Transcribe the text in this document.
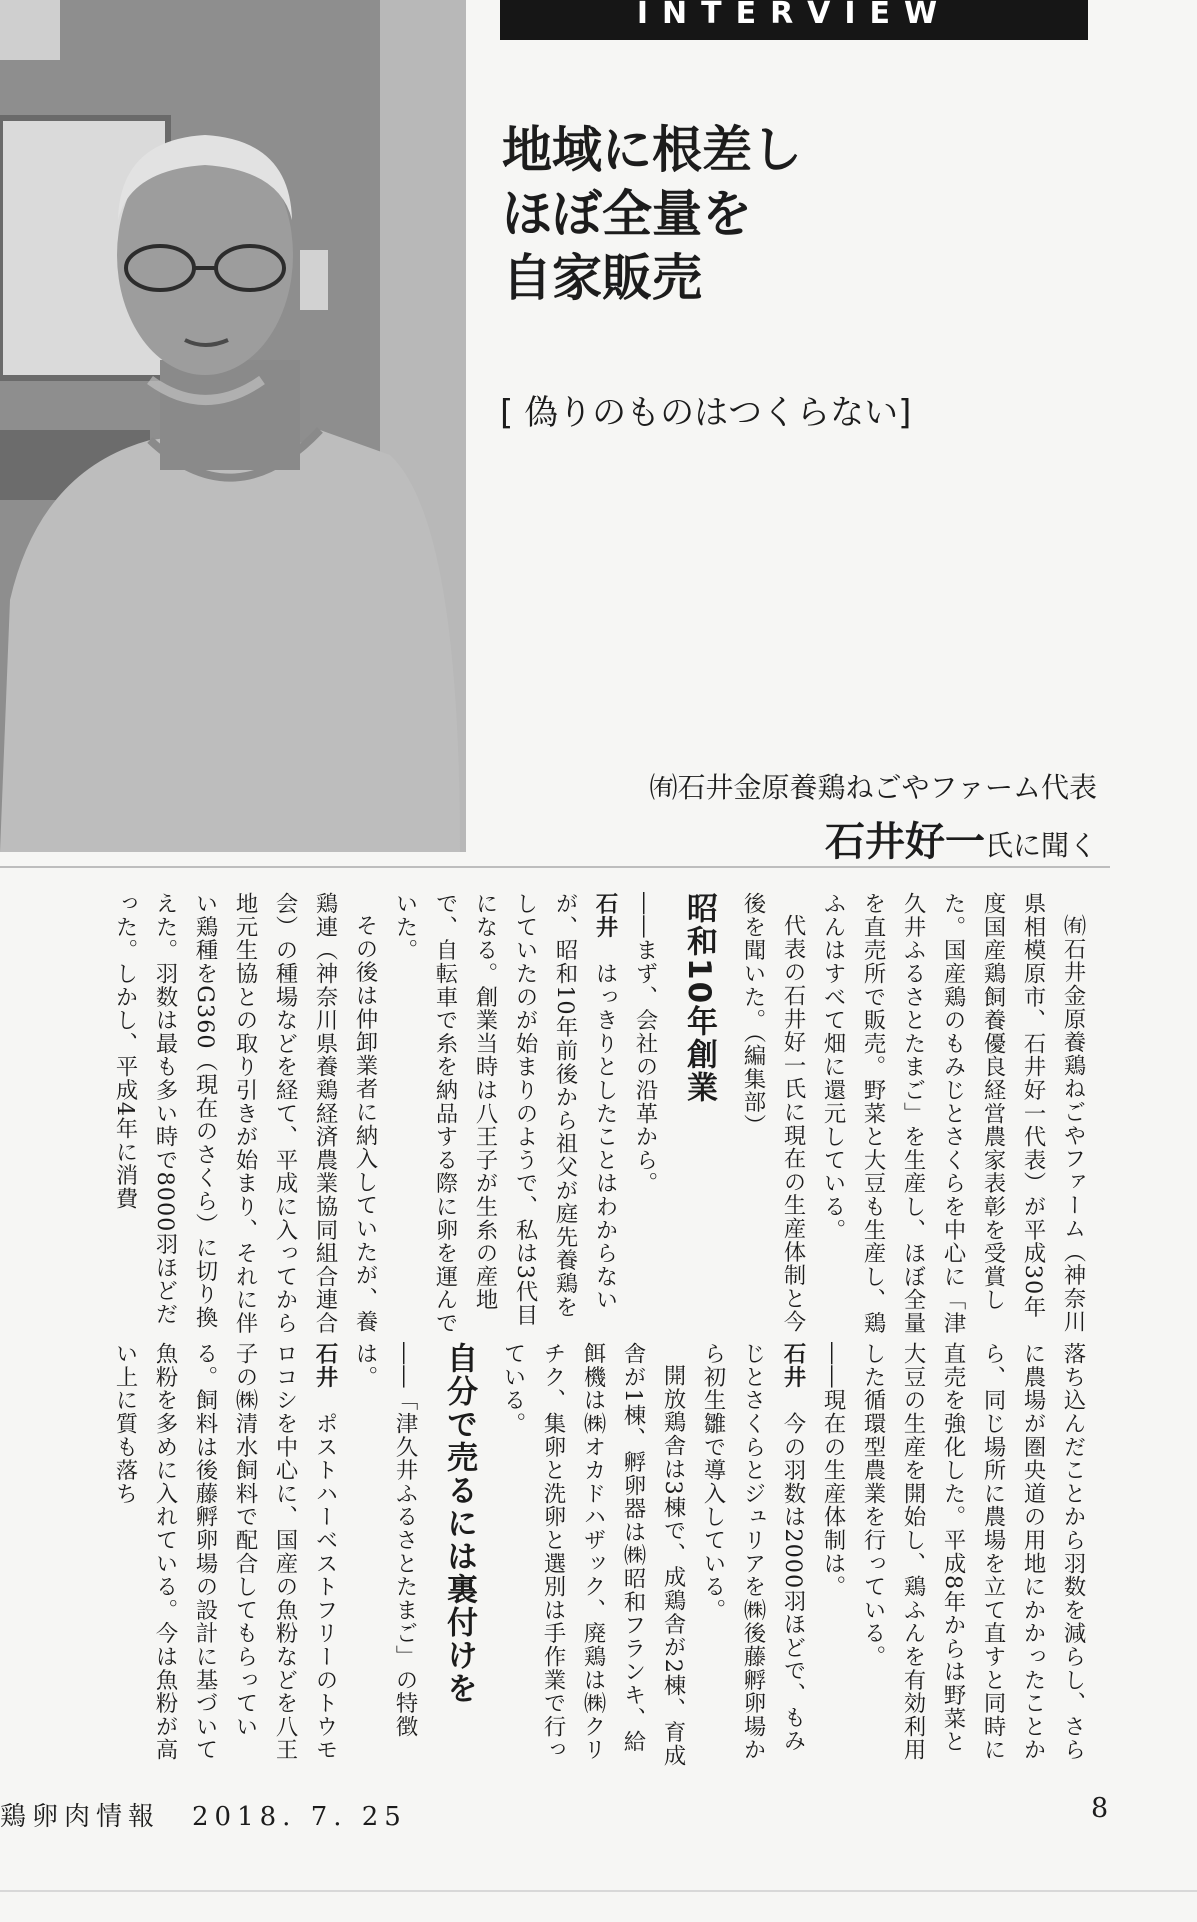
INTERVIEW
地域に根差し
ほぼ全量を
自家販売
[ 偽りのものはつくらない]
㈲石井金原養鶏ねごやファーム代表
石井好一氏に聞く

㈲石井金原養鶏ねごやファーム（神奈川県相模原市、石井好一代表）が平成30年度国産鶏飼養優良経営農家表彰を受賞した。国産鶏のもみじとさくらを中心に「津久井ふるさとたまご」を生産し、ほぼ全量を直売所で販売。野菜と大豆も生産し、鶏ふんはすべて畑に還元している。

代表の石井好一氏に現在の生産体制と今後を聞いた。（編集部）

昭和10年創業

――まず、会社の沿革から。

石井　はっきりとしたことはわからないが、昭和10年前後から祖父が庭先養鶏をしていたのが始まりのようで、私は3代目になる。創業当時は八王子が生糸の産地で、自転車で糸を納品する際に卵を運んでいた。

その後は仲卸業者に納入していたが、養鶏連（神奈川県養鶏経済農業協同組合連合会）の種場などを経て、平成に入ってから地元生協との取り引きが始まり、それに伴い鶏種をG360（現在のさくら）に切り換えた。羽数は最も多い時で8000羽ほどだった。しかし、平成4年に消費

落ち込んだことから羽数を減らし、さらに農場が圏央道の用地にかかったことから、同じ場所に農場を立て直すと同時に直売を強化した。平成8年からは野菜と大豆の生産を開始し、鶏ふんを有効利用した循環型農業を行っている。

――現在の生産体制は。

石井　今の羽数は2000羽ほどで、もみじとさくらとジュリアを㈱後藤孵卵場から初生雛で導入している。

開放鶏舎は3棟で、成鶏舎が2棟、育成舎が1棟、孵卵器は㈱昭和フランキ、給餌機は㈱オカドハザック、廃鶏は㈱クリチク、集卵と洗卵と選別は手作業で行っている。

自分で売るには裏付けを

――「津久井ふるさとたまご」の特徴は。

石井　ポストハーベストフリーのトウモロコシを中心に、国産の魚粉などを八王子の㈱清水飼料で配合してもらっている。飼料は後藤孵卵場の設計に基づいて魚粉を多めに入れている。今は魚粉が高い上に質も落ち

鶏卵肉情報　2018. 7. 25	8
